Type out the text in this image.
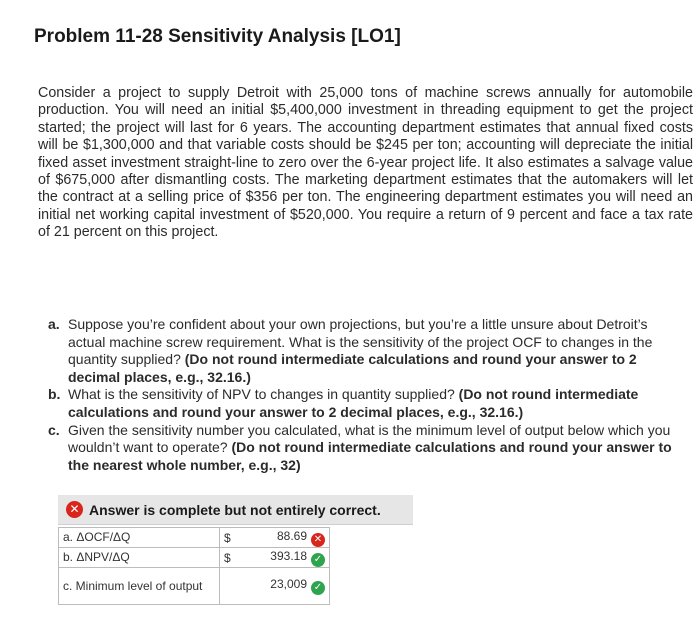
Problem 11-28 Sensitivity Analysis [LO1]

Consider a project to supply Detroit with 25,000 tons of machine screws annually for automobile production. You will need an initial $5,400,000 investment in threading equipment to get the project started; the project will last for 6 years. The accounting department estimates that annual fixed costs will be $1,300,000 and that variable costs should be $245 per ton; accounting will depreciate the initial fixed asset investment straight-line to zero over the 6-year project life. It also estimates a salvage value of $675,000 after dismantling costs. The marketing department estimates that the automakers will let the contract at a selling price of $356 per ton. The engineering department estimates you will need an initial net working capital investment of $520,000. You require a return of 9 percent and face a tax rate of 21 percent on this project.

a. Suppose you’re confident about your own projections, but you’re a little unsure about Detroit’s actual machine screw requirement. What is the sensitivity of the project OCF to changes in the quantity supplied? (Do not round intermediate calculations and round your answer to 2 decimal places, e.g., 32.16.)
b. What is the sensitivity of NPV to changes in quantity supplied? (Do not round intermediate calculations and round your answer to 2 decimal places, e.g., 32.16.)
c. Given the sensitivity number you calculated, what is the minimum level of output below which you wouldn’t want to operate? (Do not round intermediate calculations and round your answer to the nearest whole number, e.g., 32)
✕ Answer is complete but not entirely correct.
a. ΔOCF/ΔQ	$	88.69 ✕
b. ΔNPV/ΔQ	$	393.18 ✓
c. Minimum level of output		23,009 ✓
